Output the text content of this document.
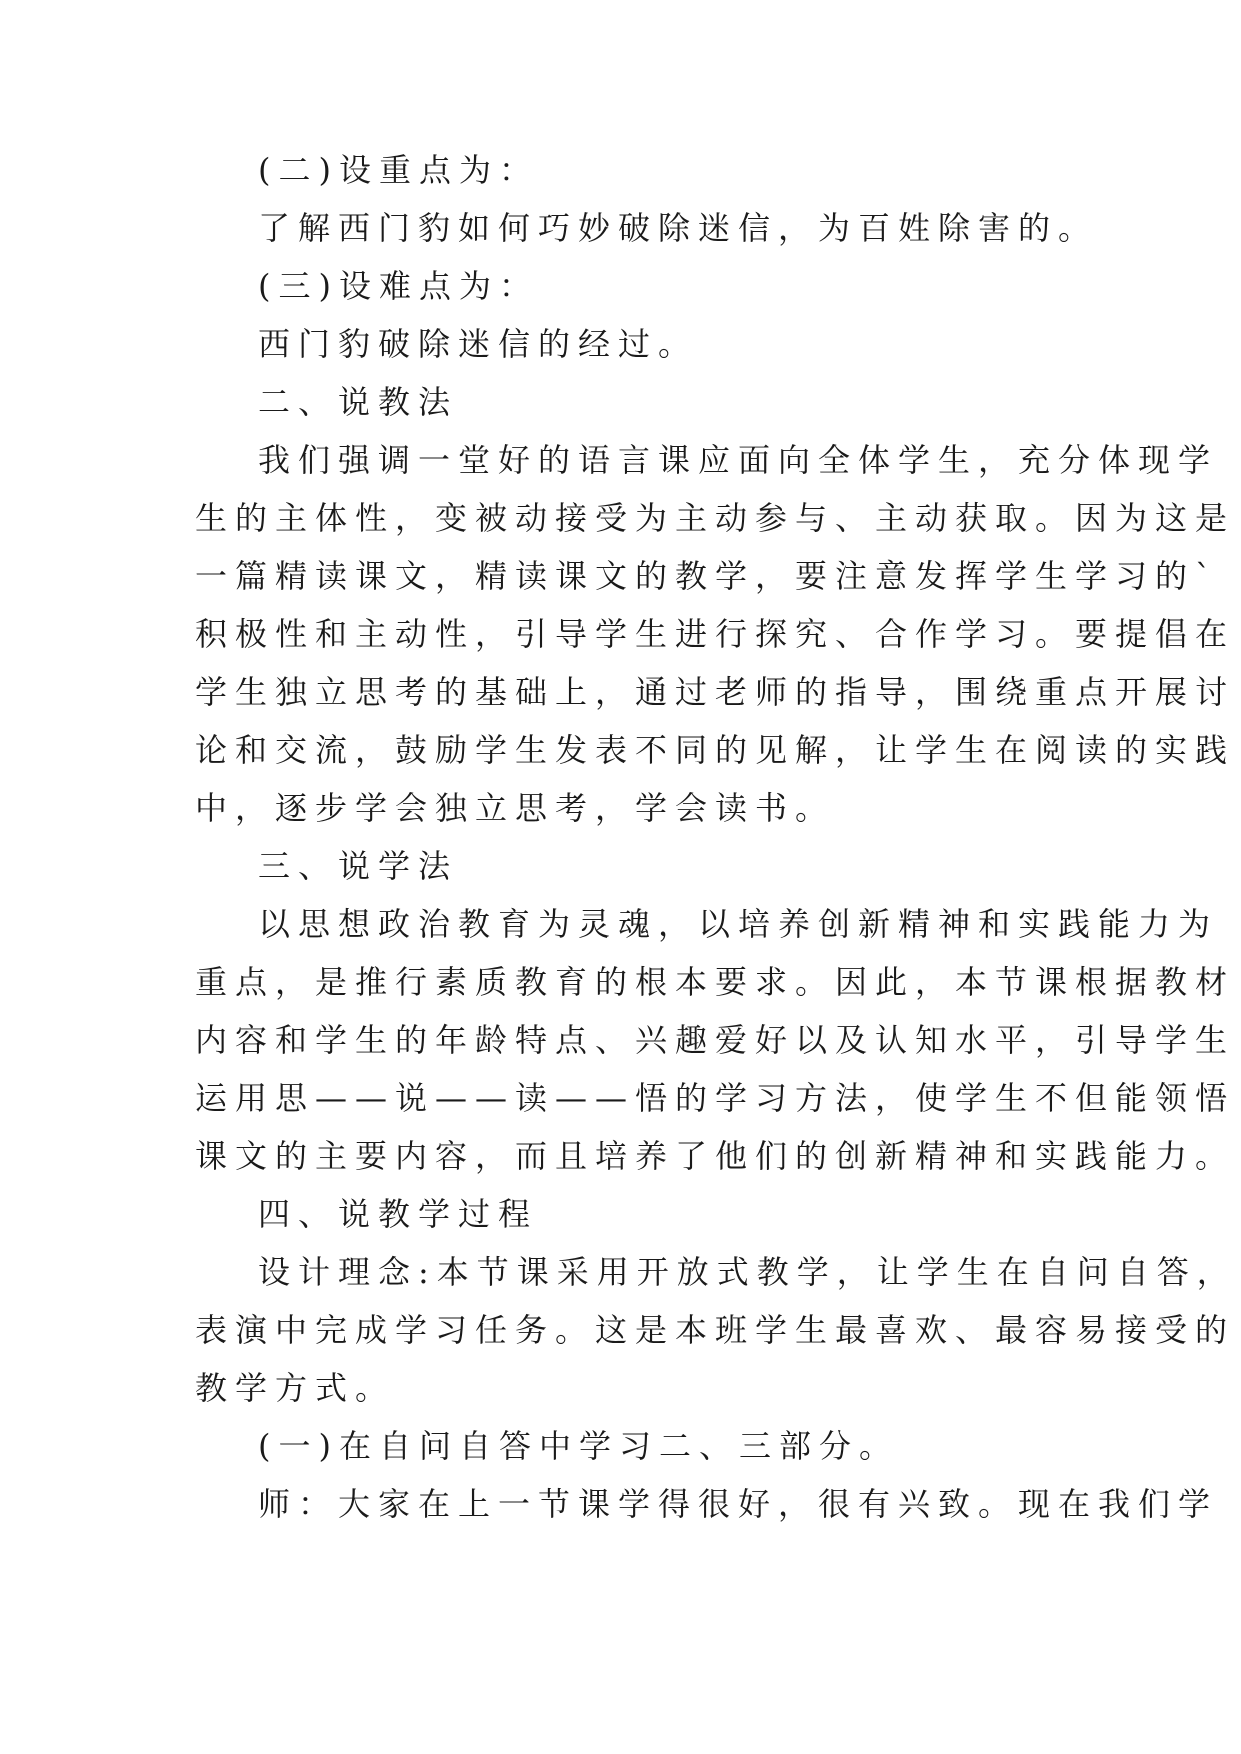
(二)设重点为：
了解西门豹如何巧妙破除迷信，为百姓除害的。
(三)设难点为：
西门豹破除迷信的经过。
二、说教法
我们强调一堂好的语言课应面向全体学生，充分体现学
生的主体性，变被动接受为主动参与、主动获取。因为这是
一篇精读课文，精读课文的教学，要注意发挥学生学习的`
积极性和主动性，引导学生进行探究、合作学习。要提倡在
学生独立思考的基础上，通过老师的指导，围绕重点开展讨
论和交流，鼓励学生发表不同的见解，让学生在阅读的实践
中，逐步学会独立思考，学会读书。
三、说学法
以思想政治教育为灵魂，以培养创新精神和实践能力为
重点，是推行素质教育的根本要求。因此，本节课根据教材
内容和学生的年龄特点、兴趣爱好以及认知水平，引导学生
运用思——说——读——悟的学习方法，使学生不但能领悟
课文的主要内容，而且培养了他们的创新精神和实践能力。
四、说教学过程
设计理念:本节课采用开放式教学，让学生在自问自答，
表演中完成学习任务。这是本班学生最喜欢、最容易接受的
教学方式。
(一)在自问自答中学习二、三部分。
师：大家在上一节课学得很好，很有兴致。现在我们学
